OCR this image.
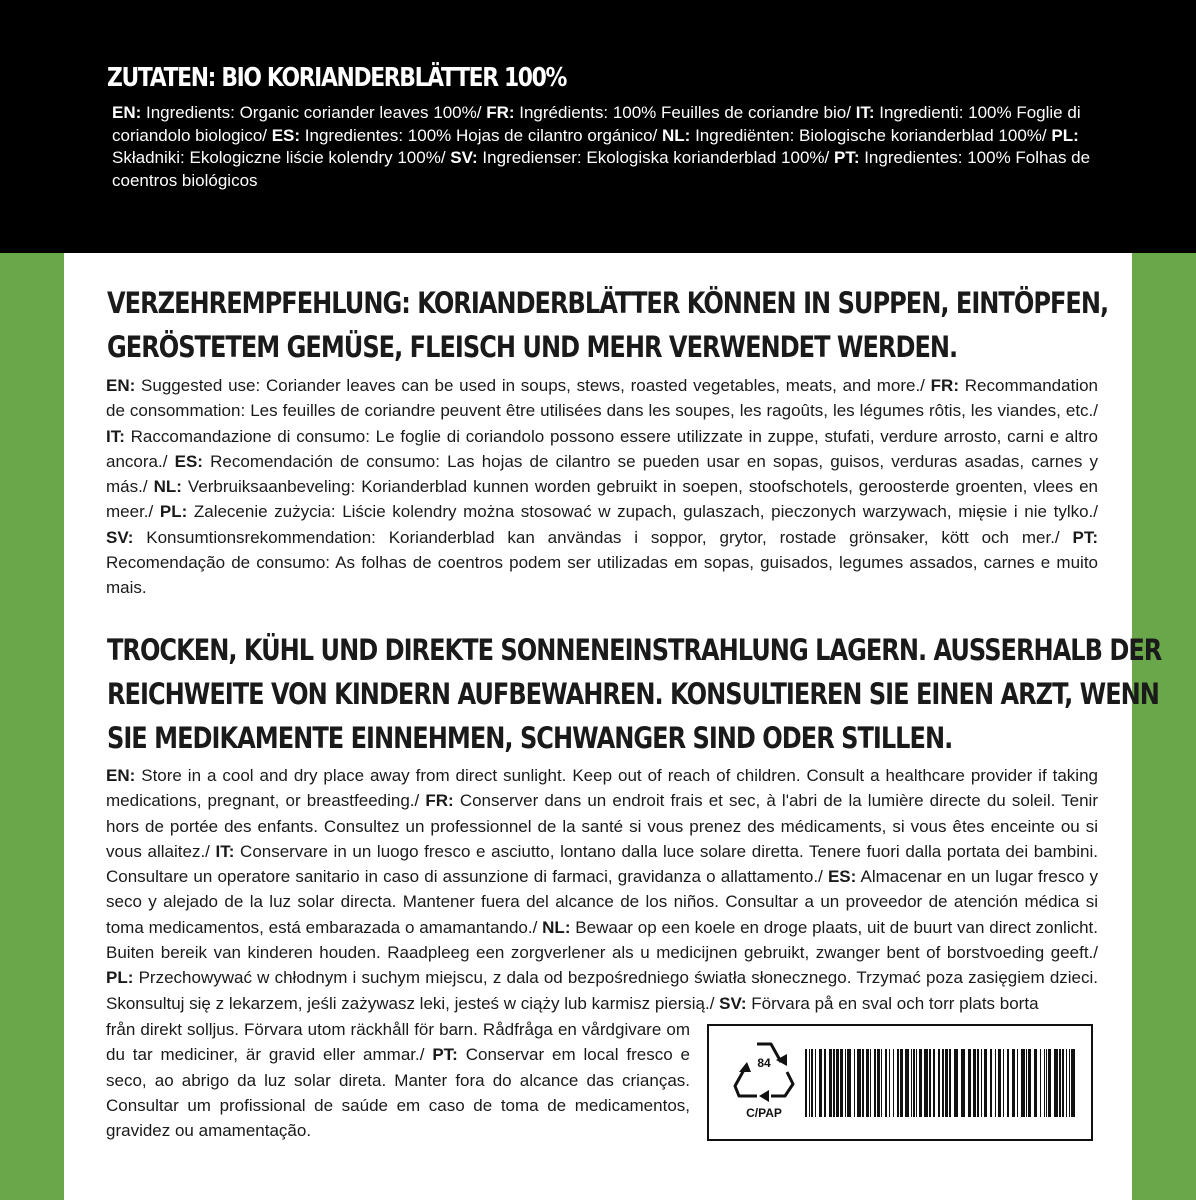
ZUTATEN: BIO KORIANDERBLÄTTER 100%

EN: Ingredients: Organic coriander leaves 100%/ FR: Ingrédients: 100% Feuilles de coriandre bio/ IT: Ingredienti: 100% Foglie di coriandolo biologico/ ES: Ingredientes: 100% Hojas de cilantro orgánico/ NL: Ingrediënten: Biologische korianderblad 100%/ PL: Składniki: Ekologiczne liście kolendry 100%/ SV: Ingredienser: Ekologiska korianderblad 100%/ PT: Ingredientes: 100% Folhas de coentros biológicos

VERZEHREMPFEHLUNG: KORIANDERBLÄTTER KÖNNEN IN SUPPEN, EINTÖPFEN,
GERÖSTETEM GEMÜSE, FLEISCH UND MEHR VERWENDET WERDEN.

EN: Suggested use: Coriander leaves can be used in soups, stews, roasted vegetables, meats, and more./ FR: Recommandation de consommation: Les feuilles de coriandre peuvent être utilisées dans les soupes, les ragoûts, les légumes rôtis, les viandes, etc./ IT: Raccomandazione di consumo: Le foglie di coriandolo possono essere utilizzate in zuppe, stufati, verdure arrosto, carni e altro ancora./ ES: Recomendación de consumo: Las hojas de cilantro se pueden usar en sopas, guisos, verduras asadas, carnes y más./ NL: Verbruiksaanbeveling: Korianderblad kunnen worden gebruikt in soepen, stoofschotels, geroosterde groenten, vlees en meer./ PL: Zalecenie zużycia: Liście kolendry można stosować w zupach, gulaszach, pieczonych warzywach, mięsie i nie tylko./ SV: Konsumtionsrekommendation: Korianderblad kan användas i soppor, grytor, rostade grönsaker, kött och mer./ PT: Recomendação de consumo: As folhas de coentros podem ser utilizadas em sopas, guisados, legumes assados, carnes e muito mais.

TROCKEN, KÜHL UND DIREKTE SONNENEINSTRAHLUNG LAGERN. AUSSERHALB DER
REICHWEITE VON KINDERN AUFBEWAHREN. KONSULTIEREN SIE EINEN ARZT, WENN
SIE MEDIKAMENTE EINNEHMEN, SCHWANGER SIND ODER STILLEN.

EN: Store in a cool and dry place away from direct sunlight. Keep out of reach of children. Consult a healthcare provider if taking medications, pregnant, or breastfeeding./ FR: Conserver dans un endroit frais et sec, à l'abri de la lumière directe du soleil. Tenir hors de portée des enfants. Consultez un professionnel de la santé si vous prenez des médicaments, si vous êtes enceinte ou si vous allaitez./ IT: Conservare in un luogo fresco e asciutto, lontano dalla luce solare diretta. Tenere fuori dalla portata dei bambini. Consultare un operatore sanitario in caso di assunzione di farmaci, gravidanza o allattamento./ ES: Almacenar en un lugar fresco y seco y alejado de la luz solar directa. Mantener fuera del alcance de los niños. Consultar a un proveedor de atención médica si toma medicamentos, está embarazada o amamantando./ NL: Bewaar op een koele en droge plaats, uit de buurt van direct zonlicht. Buiten bereik van kinderen houden. Raadpleeg een zorgverlener als u medicijnen gebruikt, zwanger bent of borstvoeding geeft./ PL: Przechowywać w chłodnym i suchym miejscu, z dala od bezpośredniego światła słonecznego. Trzymać poza zasięgiem dzieci. Skonsultuj się z lekarzem, jeśli zażywasz leki, jesteś w ciąży lub karmisz piersią./ SV: Förvara på en sval och torr plats borta

från direkt solljus. Förvara utom räckhåll för barn. Rådfråga en vårdgivare om du tar mediciner, är gravid eller ammar./ PT: Conservar em local fresco e seco, ao abrigo da luz solar direta. Manter fora do alcance das crianças. Consultar um profissional de saúde em caso de toma de medicamentos, gravidez ou amamentação.

84
C/PAP
